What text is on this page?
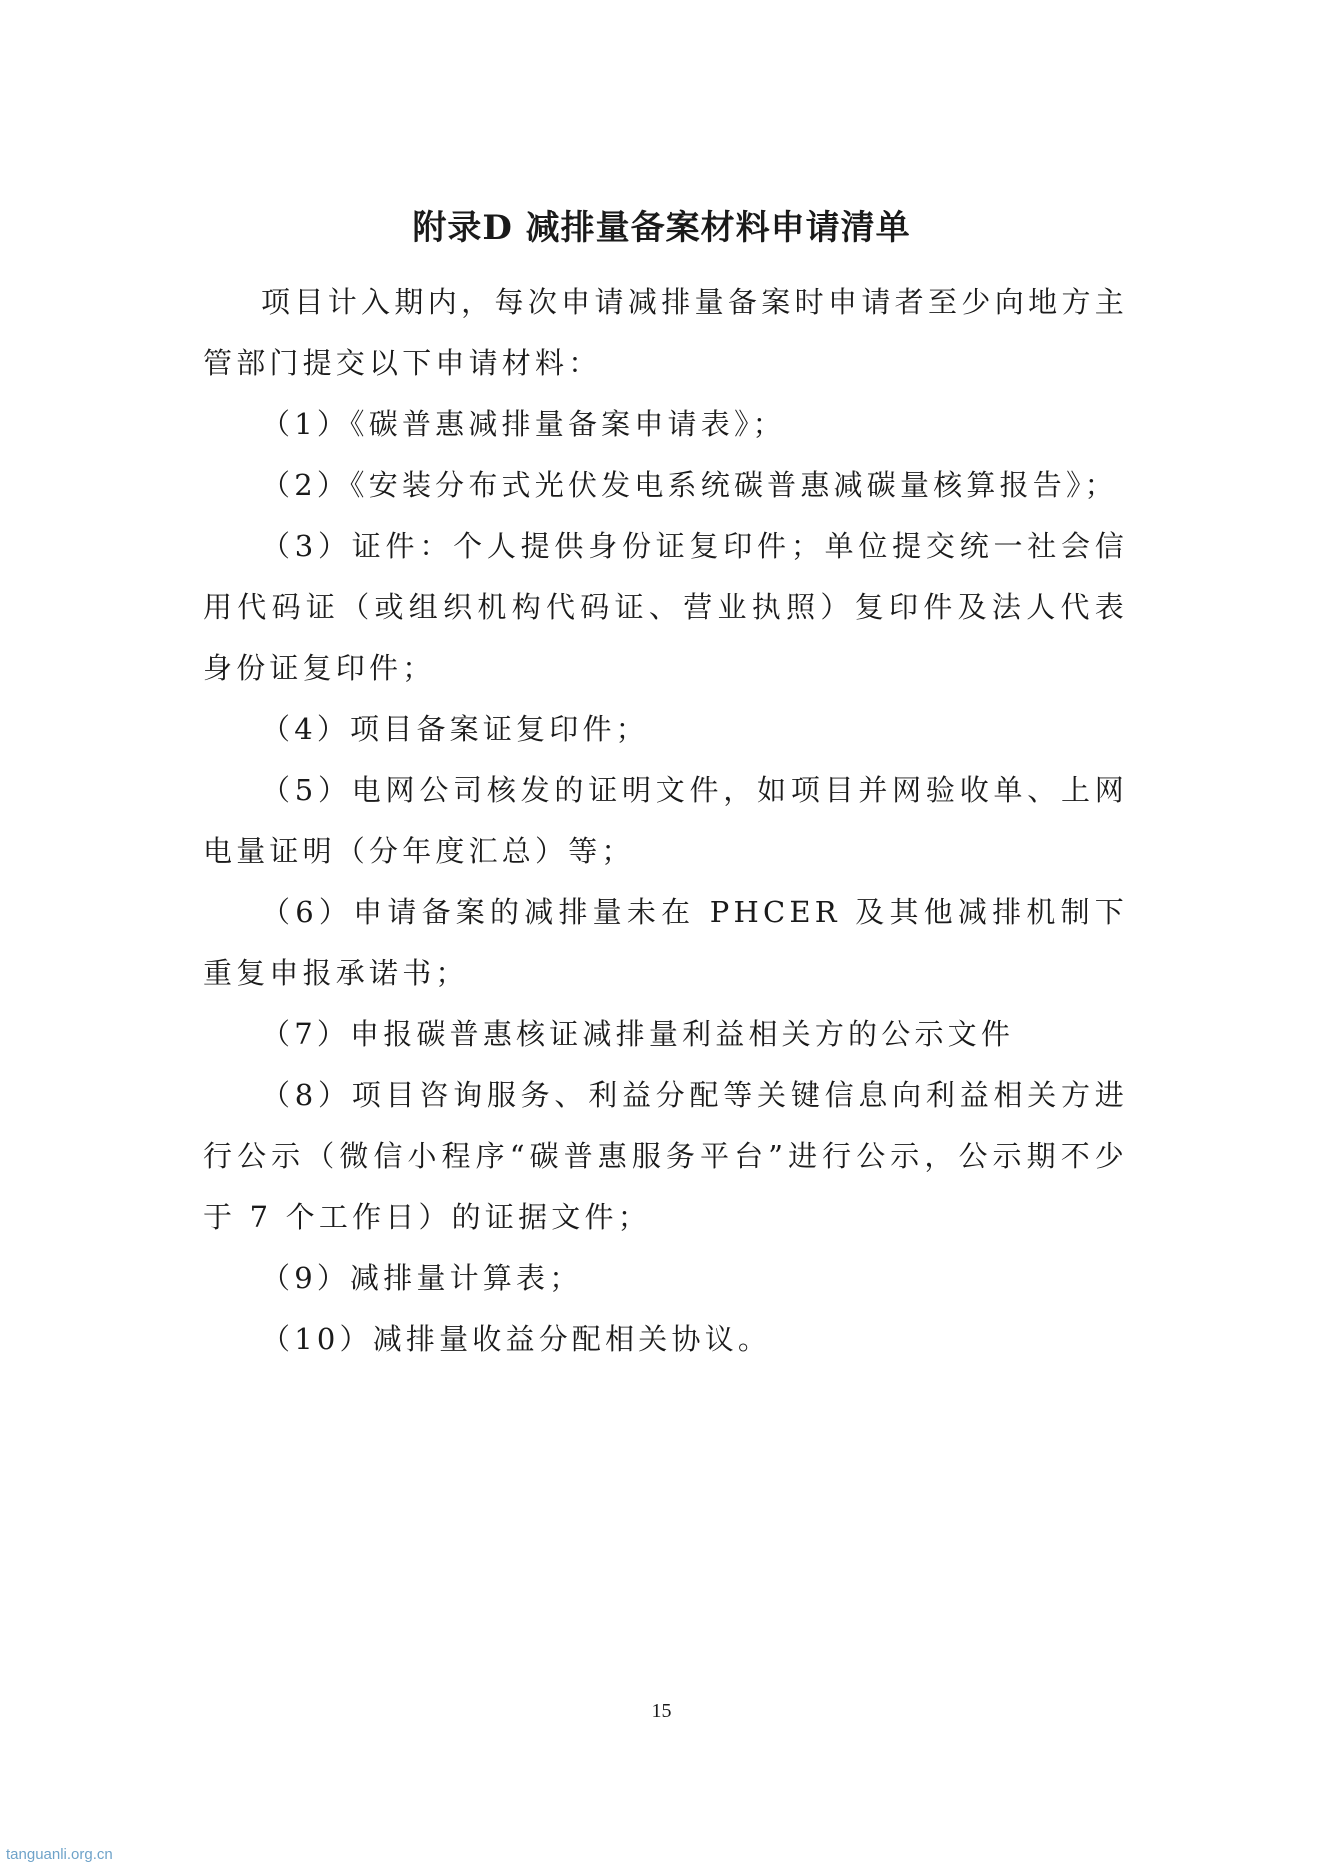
附录D 减排量备案材料申请清单

项目计入期内，每次申请减排量备案时申请者至少向地方主管部门提交以下申请材料：

（1）《碳普惠减排量备案申请表》；

（2）《安装分布式光伏发电系统碳普惠减碳量核算报告》；

（3）证件：个人提供身份证复印件；单位提交统一社会信用代码证（或组织机构代码证、营业执照）复印件及法人代表身份证复印件；

（4）项目备案证复印件；

（5）电网公司核发的证明文件，如项目并网验收单、上网电量证明（分年度汇总）等；

（6）申请备案的减排量未在 PHCER 及其他减排机制下重复申报承诺书；

（7）申报碳普惠核证减排量利益相关方的公示文件

（8）项目咨询服务、利益分配等关键信息向利益相关方进行公示（微信小程序“碳普惠服务平台”进行公示，公示期不少于 7 个工作日）的证据文件；

（9）减排量计算表；

（10）减排量收益分配相关协议。

15
tanguanli.org.cn
